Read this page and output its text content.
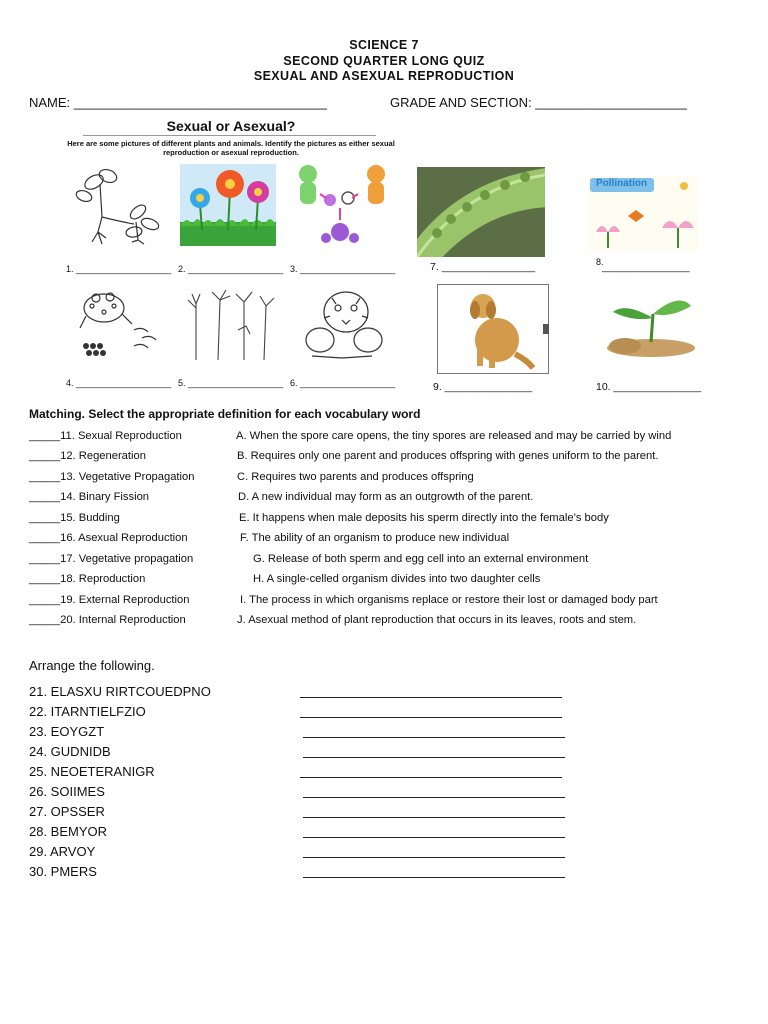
SCIENCE 7
SECOND QUARTER LONG QUIZ
SEXUAL AND ASEXUAL REPRODUCTION
NAME: ___________________________________	GRADE AND SECTION: _____________________
Sexual or Asexual?
Here are some pictures of different plants and animals. Identify the pictures as either sexual reproduction or asexual reproduction.
1. ___________________ 2. ___________________ 3. ___________________
4. ___________________ 5. ___________________ 6. ___________________
7. ________________
Pollination
8.
_______________
9. _______________	10. _______________
Matching. Select the appropriate definition for each vocabulary word
_____11. Sexual Reproduction	A. When the spore care opens, the tiny spores are released and may be carried by wind
_____12. Regeneration	B. Requires only one parent and produces offspring with genes uniform to the parent.
_____13. Vegetative Propagation	C. Requires two parents and produces offspring
_____14. Binary Fission	D. A new individual may form as an outgrowth of the parent.
_____15. Budding	E. It happens when male deposits his sperm directly into the female’s body
_____16. Asexual Reproduction	F. The ability of an organism to produce new individual
_____17. Vegetative propagation	G. Release of both sperm and egg cell into an external environment
_____18. Reproduction	H. A single-celled organism divides into two daughter cells
_____19. External Reproduction	I. The process in which organisms replace or restore their lost or damaged body part
_____20. Internal Reproduction	J. Asexual method of plant reproduction that occurs in its leaves, roots and stem.
Arrange the following.
21. ELASXU RIRTCOUEDPNO
22. ITARNTIELFZIO
23. EOYGZT
24. GUDNIDB
25. NEOETERANIGR
26. SOIIMES
27. OPSSER
28. BEMYOR
29. ARVOY
30. PMERS
